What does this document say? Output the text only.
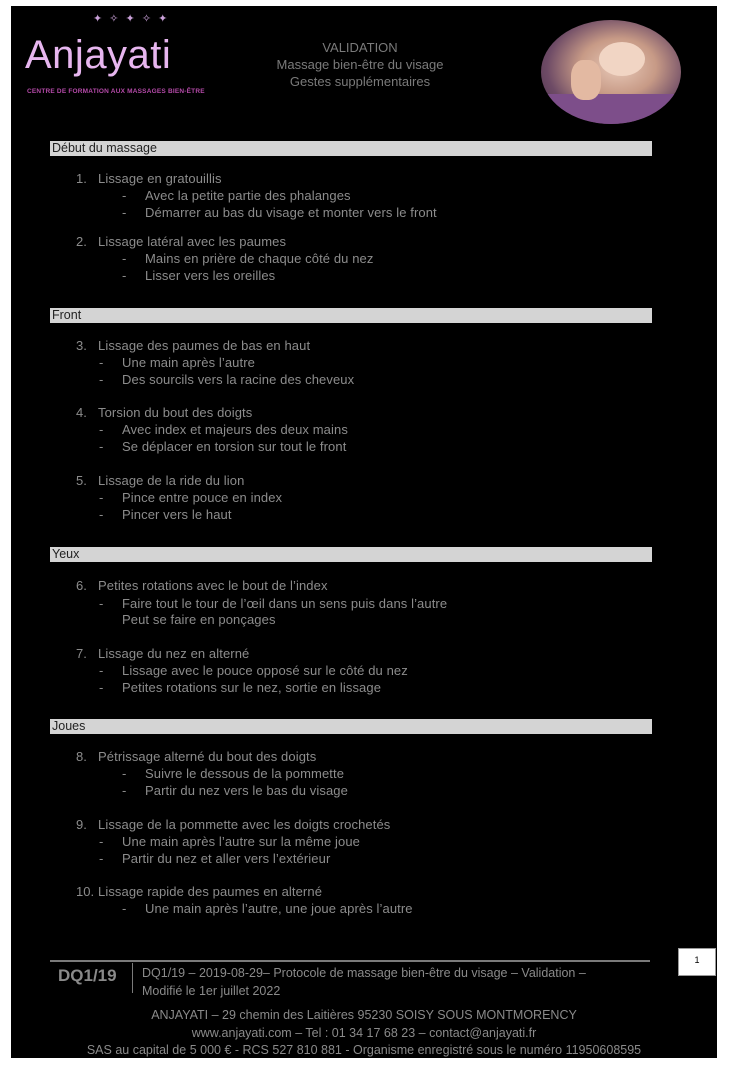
✦ ✧ ✦ ✧ ✦
Anjayati
CENTRE DE FORMATION AUX MASSAGES BIEN-ÊTRE
VALIDATION
Massage bien-être du visage
Gestes supplémentaires
Début du massage
1. Lissage en gratouillis
- Avec la petite partie des phalanges
- Démarrer au bas du visage et monter vers le front
2. Lissage latéral avec les paumes
- Mains en prière de chaque côté du nez
- Lisser vers les oreilles
Front
3. Lissage des paumes de bas en haut
- Une main après l’autre
- Des sourcils vers la racine des cheveux
4. Torsion du bout des doigts
- Avec index et majeurs des deux mains
- Se déplacer en torsion sur tout le front
5. Lissage de la ride du lion
- Pince entre pouce en index
- Pincer vers le haut
Yeux
6. Petites rotations avec le bout de l’index
- Faire tout le tour de l’œil dans un sens puis dans l’autre
Peut se faire en ponçages
7. Lissage du nez en alterné
- Lissage avec le pouce opposé sur le côté du nez
- Petites rotations sur le nez, sortie en lissage
Joues
8. Pétrissage alterné du bout des doigts
- Suivre le dessous de la pommette
- Partir du nez vers le bas du visage
9. Lissage de la pommette avec les doigts crochetés
- Une main après l’autre sur la même joue
- Partir du nez et aller vers l’extérieur
10. Lissage rapide des paumes en alterné
- Une main après l’autre, une joue après l’autre
DQ1/19 DQ1/19 – 2019-08-29– Protocole de massage bien-être du visage – Validation –
Modifié le 1er juillet 2022
1
ANJAYATI – 29 chemin des Laitières 95230 SOISY SOUS MONTMORENCY
www.anjayati.com – Tel : 01 34 17 68 23 – contact@anjayati.fr
SAS au capital de 5 000 € - RCS 527 810 881 - Organisme enregistré sous le numéro 11950608595
